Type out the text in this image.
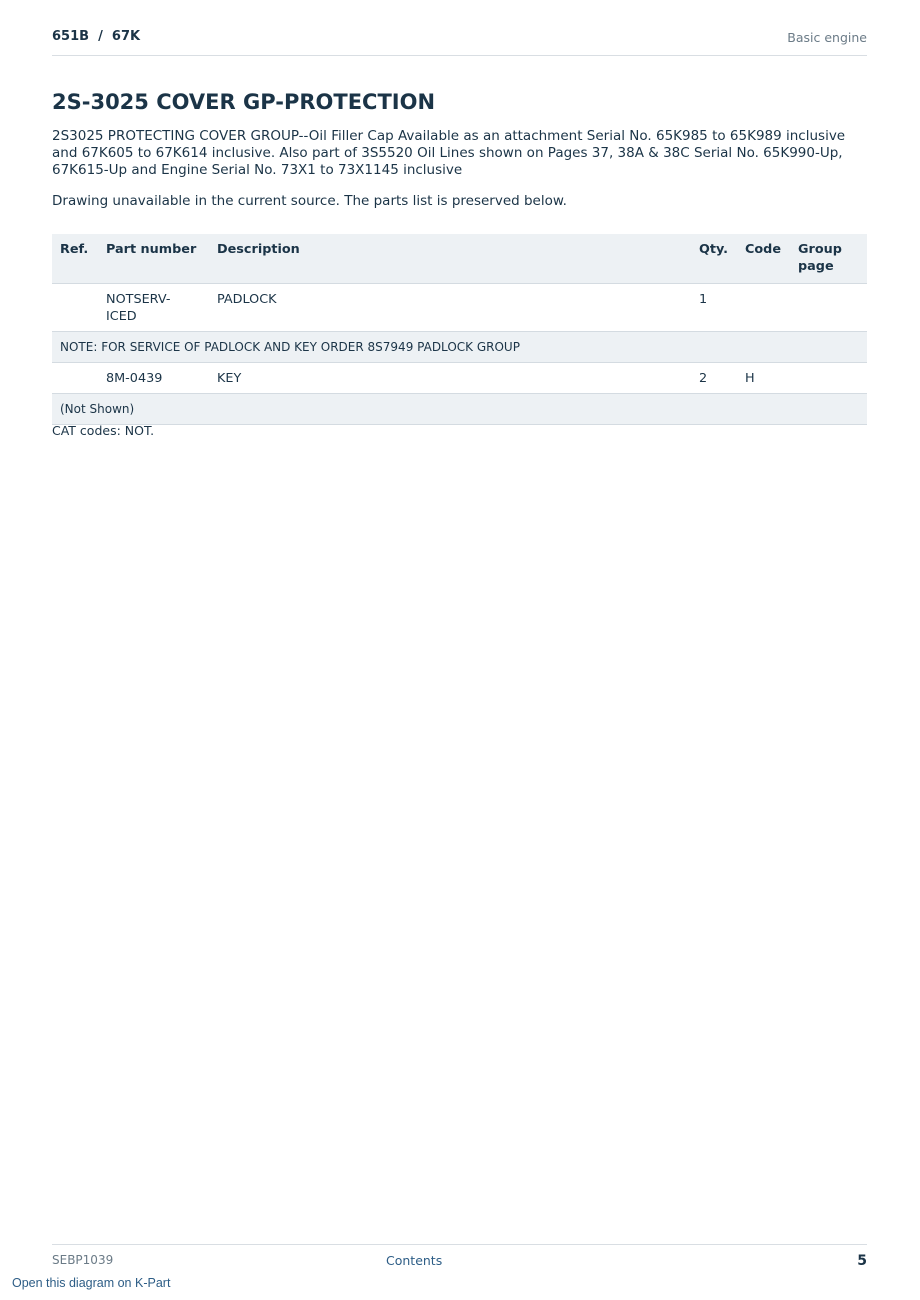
651B  /  67K	Basic engine
2S-3025 COVER GP-PROTECTION

2S3025 PROTECTING COVER GROUP--Oil Filler Cap Available as an attachment Serial No. 65K985 to 65K989 inclusive and 67K605 to 67K614 inclusive. Also part of 3S5520 Oil Lines shown on Pages 37, 38A & 38C Serial No. 65K990-Up, 67K615-Up and Engine Serial No. 73X1 to 73X1145 inclusive

Drawing unavailable in the current source. The parts list is preserved below.

Ref.	Part number	Description	Qty.	Code	Group page
	NOTSERV-ICED	PADLOCK	1		
NOTE: FOR SERVICE OF PADLOCK AND KEY ORDER 8S7949 PADLOCK GROUP					
	8M-0439	KEY	2	H	
(Not Shown)					

CAT codes: NOT.

SEBP1039	Contents	5
Open this diagram on K-Part
